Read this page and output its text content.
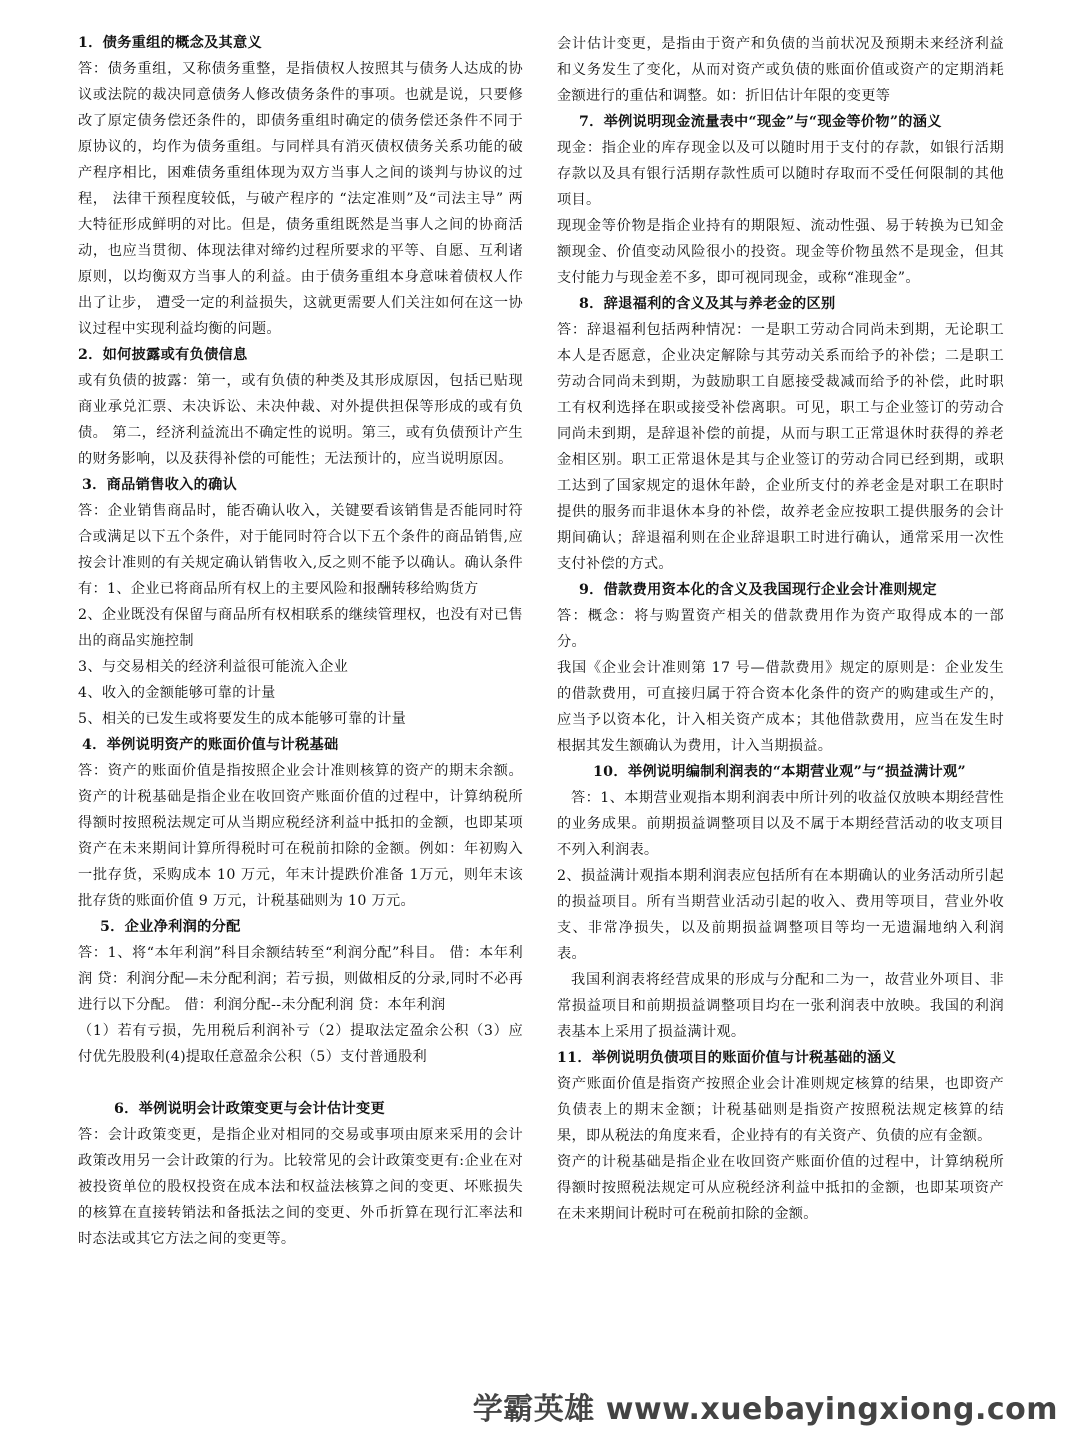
1．债务重组的概念及其意义
答：债务重组，又称债务重整，是指债权人按照其与债务人达成的协议或法院的裁决同意债务人修改债务条件的事项。也就是说，只要修改了原定债务偿还条件的，即债务重组时确定的债务偿还条件不同于原协议的，均作为债务重组。与同样具有消灭债权债务关系功能的破产程序相比，困难债务重组体现为双方当事人之间的谈判与协议的过程， 法律干预程度较低，与破产程序的 “法定准则”及“司法主导” 两大特征形成鲜明的对比。但是，债务重组既然是当事人之间的协商活动，也应当贯彻、体现法律对缔约过程所要求的平等、自愿、互利诸原则，以均衡双方当事人的利益。由于债务重组本身意味着债权人作出了让步， 遭受一定的利益损失，这就更需要人们关注如何在这一协议过程中实现利益均衡的问题。
2．如何披露或有负债信息
或有负债的披露：第一，或有负债的种类及其形成原因，包括已贴现商业承兑汇票、未决诉讼、未决仲裁、对外提供担保等形成的或有负债。 第二，经济利益流出不确定性的说明。第三，或有负债预计产生的财务影响，以及获得补偿的可能性；无法预计的，应当说明原因。
3．商品销售收入的确认
答：企业销售商品时，能否确认收入，关键要看该销售是否能同时符合或满足以下五个条件，对于能同时符合以下五个条件的商品销售,应按会计准则的有关规定确认销售收入,反之则不能予以确认。确认条件有：1、企业已将商品所有权上的主要风险和报酬转移给购货方
2、企业既没有保留与商品所有权相联系的继续管理权，也没有对已售出的商品实施控制
3、与交易相关的经济利益很可能流入企业
4、收入的金额能够可靠的计量
5、相关的已发生或将要发生的成本能够可靠的计量
4．举例说明资产的账面价值与计税基础
答：资产的账面价值是指按照企业会计准则核算的资产的期末余额。资产的计税基础是指企业在收回资产账面价值的过程中，计算纳税所得额时按照税法规定可从当期应税经济利益中抵扣的金额，也即某项资产在未来期间计算所得税时可在税前扣除的金额。例如：年初购入一批存货，采购成本 10 万元，年末计提跌价准备 1万元，则年末该批存货的账面价值 9 万元，计税基础则为 10 万元。
5．企业净利润的分配
答：1、将“本年利润”科目余额结转至“利润分配”科目。 借：本年利润 贷：利润分配—未分配利润；若亏损，则做相反的分录,同时不必再进行以下分配。 借：利润分配--未分配利润 贷：本年利润
（1）若有亏损，先用税后利润补亏（2）提取法定盈余公积（3）应付优先股股利(4)提取任意盈余公积（5）支付普通股利
6．举例说明会计政策变更与会计估计变更
答：会计政策变更，是指企业对相同的交易或事项由原来采用的会计政策改用另一会计政策的行为。比较常见的会计政策变更有:企业在对被投资单位的股权投资在成本法和权益法核算之间的变更、坏账损失的核算在直接转销法和备抵法之间的变更、外币折算在现行汇率法和时态法或其它方法之间的变更等。
会计估计变更，是指由于资产和负债的当前状况及预期未来经济利益和义务发生了变化，从而对资产或负债的账面价值或资产的定期消耗金额进行的重估和调整。如：折旧估计年限的变更等
7．举例说明现金流量表中“现金”与“现金等价物”的涵义
现金：指企业的库存现金以及可以随时用于支付的存款，如银行活期存款以及具有银行活期存款性质可以随时存取而不受任何限制的其他项目。
现现金等价物是指企业持有的期限短、流动性强、易于转换为已知金额现金、价值变动风险很小的投资。现金等价物虽然不是现金，但其支付能力与现金差不多，即可视同现金，或称“准现金”。
8．辞退福利的含义及其与养老金的区别
答：辞退福利包括两种情况：一是职工劳动合同尚未到期，无论职工本人是否愿意，企业决定解除与其劳动关系而给予的补偿；二是职工劳动合同尚未到期，为鼓励职工自愿接受裁减而给予的补偿，此时职工有权利选择在职或接受补偿离职。可见，职工与企业签订的劳动合同尚未到期，是辞退补偿的前提，从而与职工正常退休时获得的养老金相区别。职工正常退休是其与企业签订的劳动合同已经到期，或职工达到了国家规定的退休年龄，企业所支付的养老金是对职工在职时提供的服务而非退休本身的补偿，故养老金应按职工提供服务的会计期间确认；辞退福利则在企业辞退职工时进行确认，通常采用一次性支付补偿的方式。
9．借款费用资本化的含义及我国现行企业会计准则规定
答：概念：将与购置资产相关的借款费用作为资产取得成本的一部分。
我国《企业会计准则第 17 号—借款费用》规定的原则是：企业发生的借款费用，可直接归属于符合资本化条件的资产的购建或生产的，应当予以资本化，计入相关资产成本；其他借款费用，应当在发生时根据其发生额确认为费用，计入当期损益。
10．举例说明编制利润表的“本期营业观”与“损益满计观”
答：1、本期营业观指本期利润表中所计列的收益仅放映本期经营性的业务成果。前期损益调整项目以及不属于本期经营活动的收支项目不列入利润表。
2、损益满计观指本期利润表应包括所有在本期确认的业务活动所引起的损益项目。所有当期营业活动引起的收入、费用等项目，营业外收支、非常净损失，以及前期损益调整项目等均一无遗漏地纳入利润表。
我国利润表将经营成果的形成与分配和二为一，故营业外项目、非常损益项目和前期损益调整项目均在一张利润表中放映。我国的利润表基本上采用了损益满计观。
11．举例说明负债项目的账面价值与计税基础的涵义
资产账面价值是指资产按照企业会计准则规定核算的结果，也即资产负债表上的期末金额；计税基础则是指资产按照税法规定核算的结果，即从税法的角度来看，企业持有的有关资产、负债的应有金额。
资产的计税基础是指企业在收回资产账面价值的过程中，计算纳税所得额时按照税法规定可从应税经济利益中抵扣的金额，也即某项资产在未来期间计税时可在税前扣除的金额。
学霸英雄 www.xuebayingxiong.com
